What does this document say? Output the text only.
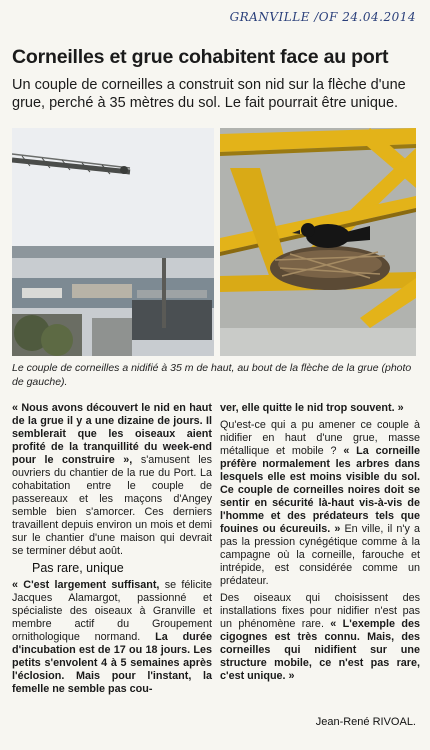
GRANVILLE /OF 24.04.2014
Corneilles et grue cohabitent face au port
Un couple de corneilles a construit son nid sur la flèche d'une grue, perché à 35 mètres du sol. Le fait pourrait être unique.
Le couple de corneilles a nidifié à 35 m de haut, au bout de la flèche de la grue (photo de gauche).

« Nous avons découvert le nid en haut de la grue il y a une dizaine de jours. Il semblerait que les oiseaux aient profité de la tranquillité du week-end pour le construire », s'amusent les ouvriers du chantier de la rue du Port. La cohabitation entre le couple de passereaux et les maçons d'Angey semble bien s'amorcer. Ces derniers travaillent depuis environ un mois et demi sur le chantier d'une maison qui devrait se terminer début août.

Pas rare, unique

« C'est largement suffisant, se félicite Jacques Alamargot, passionné et spécialiste des oiseaux à Granville et membre actif du Groupement ornithologique normand. La durée d'incubation est de 17 ou 18 jours. Les petits s'envolent 4 à 5 semaines après l'éclosion. Mais pour l'instant, la femelle ne semble pas cou-

ver, elle quitte le nid trop souvent. »

Qu'est-ce qui a pu amener ce couple à nidifier en haut d'une grue, masse métallique et mobile ? « La corneille préfère normalement les arbres dans lesquels elle est moins visible du sol. Ce couple de corneilles noires doit se sentir en sécurité là-haut vis-à-vis de l'homme et des prédateurs tels que fouines ou écureuils. » En ville, il n'y a pas la pression cynégétique comme à la campagne où la corneille, farouche et intrépide, est considérée comme un prédateur.

Des oiseaux qui choisissent des installations fixes pour nidifier n'est pas un phénomène rare. « L'exemple des cigognes est très connu. Mais, des corneilles qui nidifient sur une structure mobile, ce n'est pas rare, c'est unique. »

Jean-René RIVOAL.
